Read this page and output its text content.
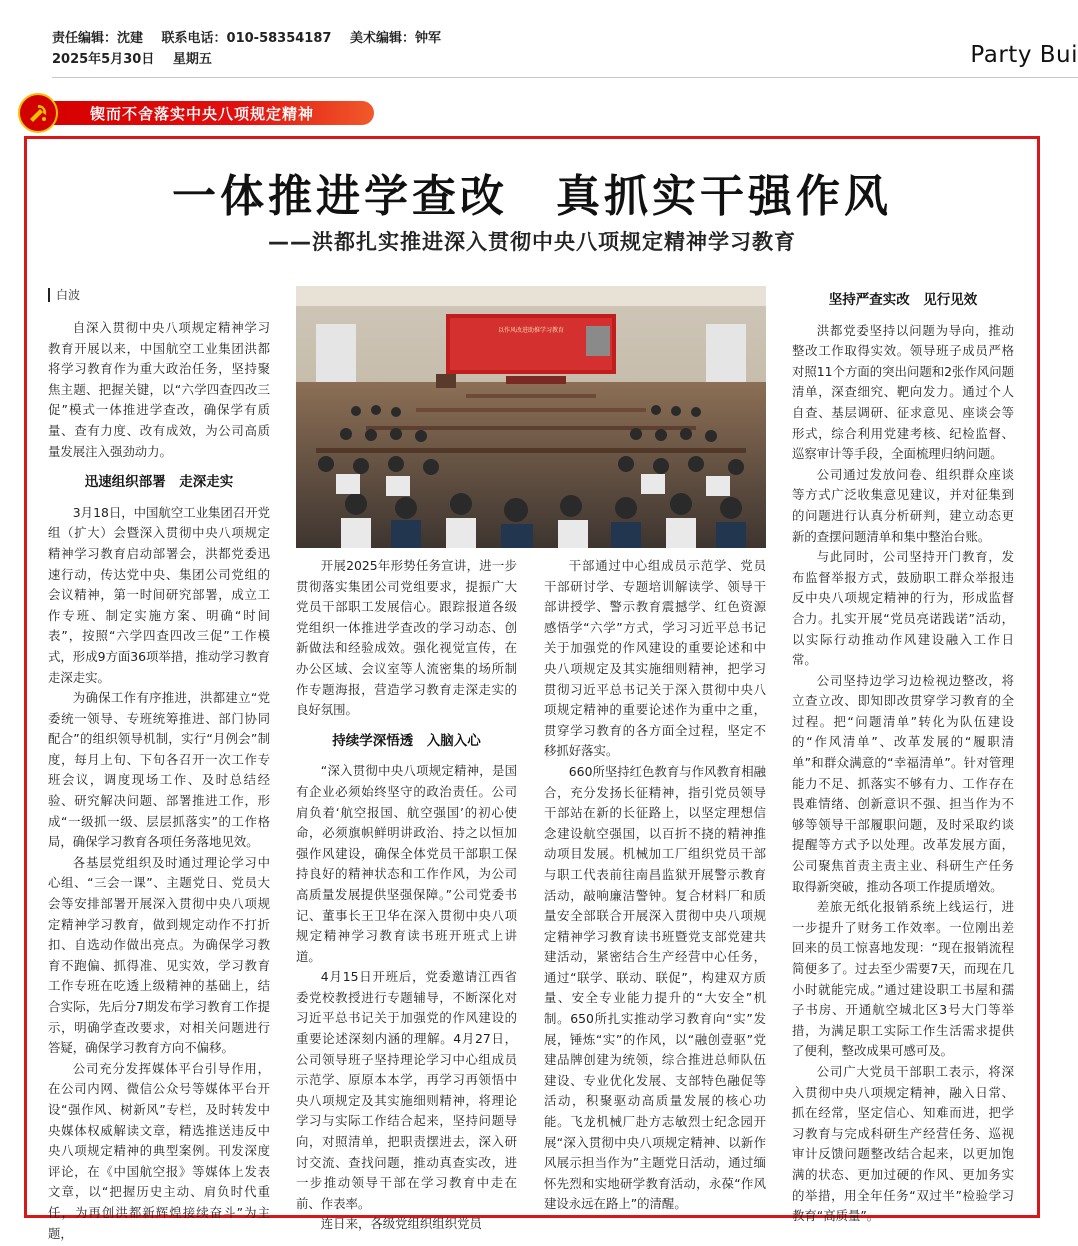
责任编辑：沈建 联系电话：010-58354187 美术编辑：钟军
2025年5月30日 星期五	Party Bui
锲而不舍落实中央八项规定精神
一体推进学查改　真抓实干强作风
——洪都扎实推进深入贯彻中央八项规定精神学习教育
白波

自深入贯彻中央八项规定精神学习教育开展以来，中国航空工业集团洪都将学习教育作为重大政治任务，坚持聚焦主题、把握关键，以“六学四查四改三促”模式一体推进学查改，确保学有质量、查有力度、改有成效，为公司高质量发展注入强劲动力。

迅速组织部署　走深走实

3月18日，中国航空工业集团召开党组（扩大）会暨深入贯彻中央八项规定精神学习教育启动部署会，洪都党委迅速行动，传达党中央、集团公司党组的会议精神，第一时间研究部署，成立工作专班、制定实施方案、明确“时间表”，按照“六学四查四改三促”工作模式，形成9方面36项举措，推动学习教育走深走实。

为确保工作有序推进，洪都建立“党委统一领导、专班统筹推进、部门协同配合”的组织领导机制，实行“月例会”制度，每月上旬、下旬各召开一次工作专班会议，调度现场工作、及时总结经验、研究解决问题、部署推进工作，形成“一级抓一级、层层抓落实”的工作格局，确保学习教育各项任务落地见效。

各基层党组织及时通过理论学习中心组、“三会一课”、主题党日、党员大会等安排部署开展深入贯彻中央八项规定精神学习教育，做到规定动作不打折扣、自选动作做出亮点。为确保学习教育不跑偏、抓得准、见实效，学习教育工作专班在吃透上级精神的基础上，结合实际，先后分7期发布学习教育工作提示，明确学查改要求，对相关问题进行答疑，确保学习教育方向不偏移。

公司充分发挥媒体平台引导作用，在公司内网、微信公众号等媒体平台开设“强作风、树新风”专栏，及时转发中央媒体权威解读文章，精选推送违反中央八项规定精神的典型案例。刊发深度评论，在《中国航空报》等媒体上发表文章，以“把握历史主动、肩负时代重任，为再创洪都新辉煌接续奋斗”为主题，

以作风改进助推学习教育

开展2025年形势任务宣讲，进一步贯彻落实集团公司党组要求，提振广大党员干部职工发展信心。跟踪报道各级党组织一体推进学查改的学习动态、创新做法和经验成效。强化视觉宣传，在办公区域、会议室等人流密集的场所制作专题海报，营造学习教育走深走实的良好氛围。

持续学深悟透　入脑入心

“深入贯彻中央八项规定精神，是国有企业必须始终坚守的政治责任。公司肩负着‘航空报国、航空强国’的初心使命，必须旗帜鲜明讲政治、持之以恒加强作风建设，确保全体党员干部职工保持良好的精神状态和工作作风，为公司高质量发展提供坚强保障。”公司党委书记、董事长王卫华在深入贯彻中央八项规定精神学习教育读书班开班式上讲道。

4月15日开班后，党委邀请江西省委党校教授进行专题辅导，不断深化对习近平总书记关于加强党的作风建设的重要论述深刻内涵的理解。4月27日，公司领导班子坚持理论学习中心组成员示范学、原原本本学，再学习再领悟中央八项规定及其实施细则精神，将理论学习与实际工作结合起来，坚持问题导向，对照清单，把职责摆进去，深入研讨交流、查找问题，推动真查实改，进一步推动领导干部在学习教育中走在前、作表率。

连日来，各级党组织组织党员

干部通过中心组成员示范学、党员干部研讨学、专题培训解读学、领导干部讲授学、警示教育震撼学、红色资源感悟学“六学”方式，学习习近平总书记关于加强党的作风建设的重要论述和中央八项规定及其实施细则精神，把学习贯彻习近平总书记关于深入贯彻中央八项规定精神的重要论述作为重中之重，贯穿学习教育的各方面全过程，坚定不移抓好落实。

660所坚持红色教育与作风教育相融合，充分发扬长征精神，指引党员领导干部站在新的长征路上，以坚定理想信念建设航空强国，以百折不挠的精神推动项目发展。机械加工厂组织党员干部与职工代表前往南昌监狱开展警示教育活动，敲响廉洁警钟。复合材料厂和质量安全部联合开展深入贯彻中央八项规定精神学习教育读书班暨党支部党建共建活动，紧密结合生产经营中心任务，通过“联学、联动、联促”，构建双方质量、安全专业能力提升的“大安全”机制。650所扎实推动学习教育向“实”发展，锤炼“实”的作风，以“融创壹驱”党建品牌创建为统领，综合推进总师队伍建设、专业优化发展、支部特色融促等活动，积聚驱动高质量发展的核心功能。飞龙机械厂赴方志敏烈士纪念园开展“深入贯彻中央八项规定精神、以新作风展示担当作为”主题党日活动，通过缅怀先烈和实地研学教育活动，永葆“作风建设永远在路上”的清醒。

坚持严查实改　见行见效

洪都党委坚持以问题为导向，推动整改工作取得实效。领导班子成员严格对照11个方面的突出问题和2张作风问题清单，深查细究、靶向发力。通过个人自查、基层调研、征求意见、座谈会等形式，综合利用党建考核、纪检监督、巡察审计等手段，全面梳理归纳问题。

公司通过发放问卷、组织群众座谈等方式广泛收集意见建议，并对征集到的问题进行认真分析研判，建立动态更新的查摆问题清单和集中整治台账。

与此同时，公司坚持开门教育，发布监督举报方式，鼓励职工群众举报违反中央八项规定精神的行为，形成监督合力。扎实开展“党员亮诺践诺”活动，以实际行动推动作风建设融入工作日常。

公司坚持边学习边检视边整改，将立查立改、即知即改贯穿学习教育的全过程。把“问题清单”转化为队伍建设的“作风清单”、改革发展的“履职清单”和群众满意的“幸福清单”。针对管理能力不足、抓落实不够有力、工作存在畏难情绪、创新意识不强、担当作为不够等领导干部履职问题，及时采取约谈提醒等方式予以处理。改革发展方面，公司聚焦首责主责主业、科研生产任务取得新突破，推动各项工作提质增效。

差旅无纸化报销系统上线运行，进一步提升了财务工作效率。一位刚出差回来的员工惊喜地发现：“现在报销流程简便多了。过去至少需要7天，而现在几小时就能完成。”通过建设职工书屋和孺子书房、开通航空城北区3号大门等举措，为满足职工实际工作生活需求提供了便利，整改成果可感可及。

公司广大党员干部职工表示，将深入贯彻中央八项规定精神，融入日常、抓在经常，坚定信心、知难而进，把学习教育与完成科研生产经营任务、巡视审计反馈问题整改结合起来，以更加饱满的状态、更加过硬的作风、更加务实的举措，用全年任务“双过半”检验学习教育“高质量”。
